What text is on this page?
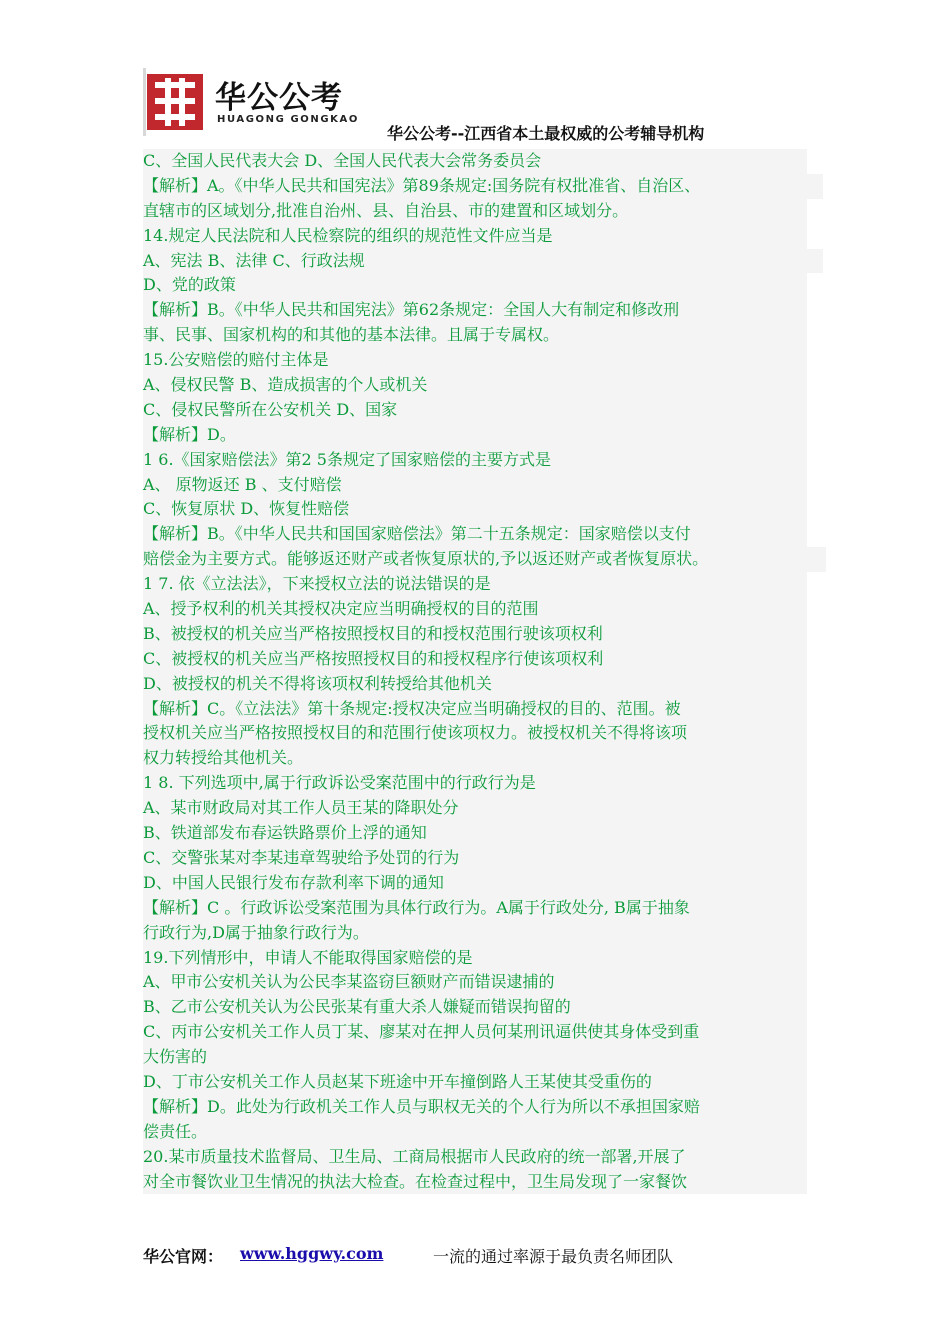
华公公考
HUAGONG GONGKAO
华公公考--江西省本土最权威的公考辅导机构
C、全国人民代表大会 D、全国人民代表大会常务委员会
【解析】A。《中华人民共和国宪法》第89条规定:国务院有权批准省、自治区、
直辖市的区域划分,批准自治州、县、自治县、市的建置和区域划分。
14.规定人民法院和人民检察院的组织的规范性文件应当是
A、宪法 B、法律 C、行政法规
D、党的政策
【解析】B。《中华人民共和国宪法》第62条规定：全国人大有制定和修改刑
事、民事、国家机构的和其他的基本法律。且属于专属权。
15.公安赔偿的赔付主体是
A、侵权民警 B、造成损害的个人或机关
C、侵权民警所在公安机关 D、国家
【解析】D。
1 6.《国家赔偿法》第2 5条规定了国家赔偿的主要方式是
A、 原物返还 B 、支付赔偿
C、恢复原状 D、恢复性赔偿
【解析】B。《中华人民共和国国家赔偿法》第二十五条规定：国家赔偿以支付
赔偿金为主要方式。能够返还财产或者恢复原状的,予以返还财产或者恢复原状。
1 7. 依《立法法》，下来授权立法的说法错误的是
A、授予权利的机关其授权决定应当明确授权的目的范围
B、被授权的机关应当严格按照授权目的和授权范围行驶该项权利
C、被授权的机关应当严格按照授权目的和授权程序行使该项权利
D、被授权的机关不得将该项权利转授给其他机关
【解析】C。《立法法》第十条规定:授权决定应当明确授权的目的、范围。被
授权机关应当严格按照授权目的和范围行使该项权力。被授权机关不得将该项
权力转授给其他机关。
1 8. 下列选项中,属于行政诉讼受案范围中的行政行为是
A、某市财政局对其工作人员王某的降职处分
B、铁道部发布春运铁路票价上浮的通知
C、交警张某对李某违章驾驶给予处罚的行为
D、中国人民银行发布存款利率下调的通知
【解析】C 。行政诉讼受案范围为具体行政行为。A属于行政处分, B属于抽象
行政行为,D属于抽象行政行为。
19.下列情形中，申请人不能取得国家赔偿的是
A、甲市公安机关认为公民李某盗窃巨额财产而错误逮捕的
B、乙市公安机关认为公民张某有重大杀人嫌疑而错误拘留的
C、丙市公安机关工作人员丁某、廖某对在押人员何某刑讯逼供使其身体受到重
大伤害的
D、丁市公安机关工作人员赵某下班途中开车撞倒路人王某使其受重伤的
【解析】D。此处为行政机关工作人员与职权无关的个人行为所以不承担国家赔
偿责任。
20.某市质量技术监督局、卫生局、工商局根据市人民政府的统一部署,开展了
对全市餐饮业卫生情况的执法大检查。在检查过程中，卫生局发现了一家餐饮
华公官网： www.hggwy.com	一流的通过率源于最负责名师团队
